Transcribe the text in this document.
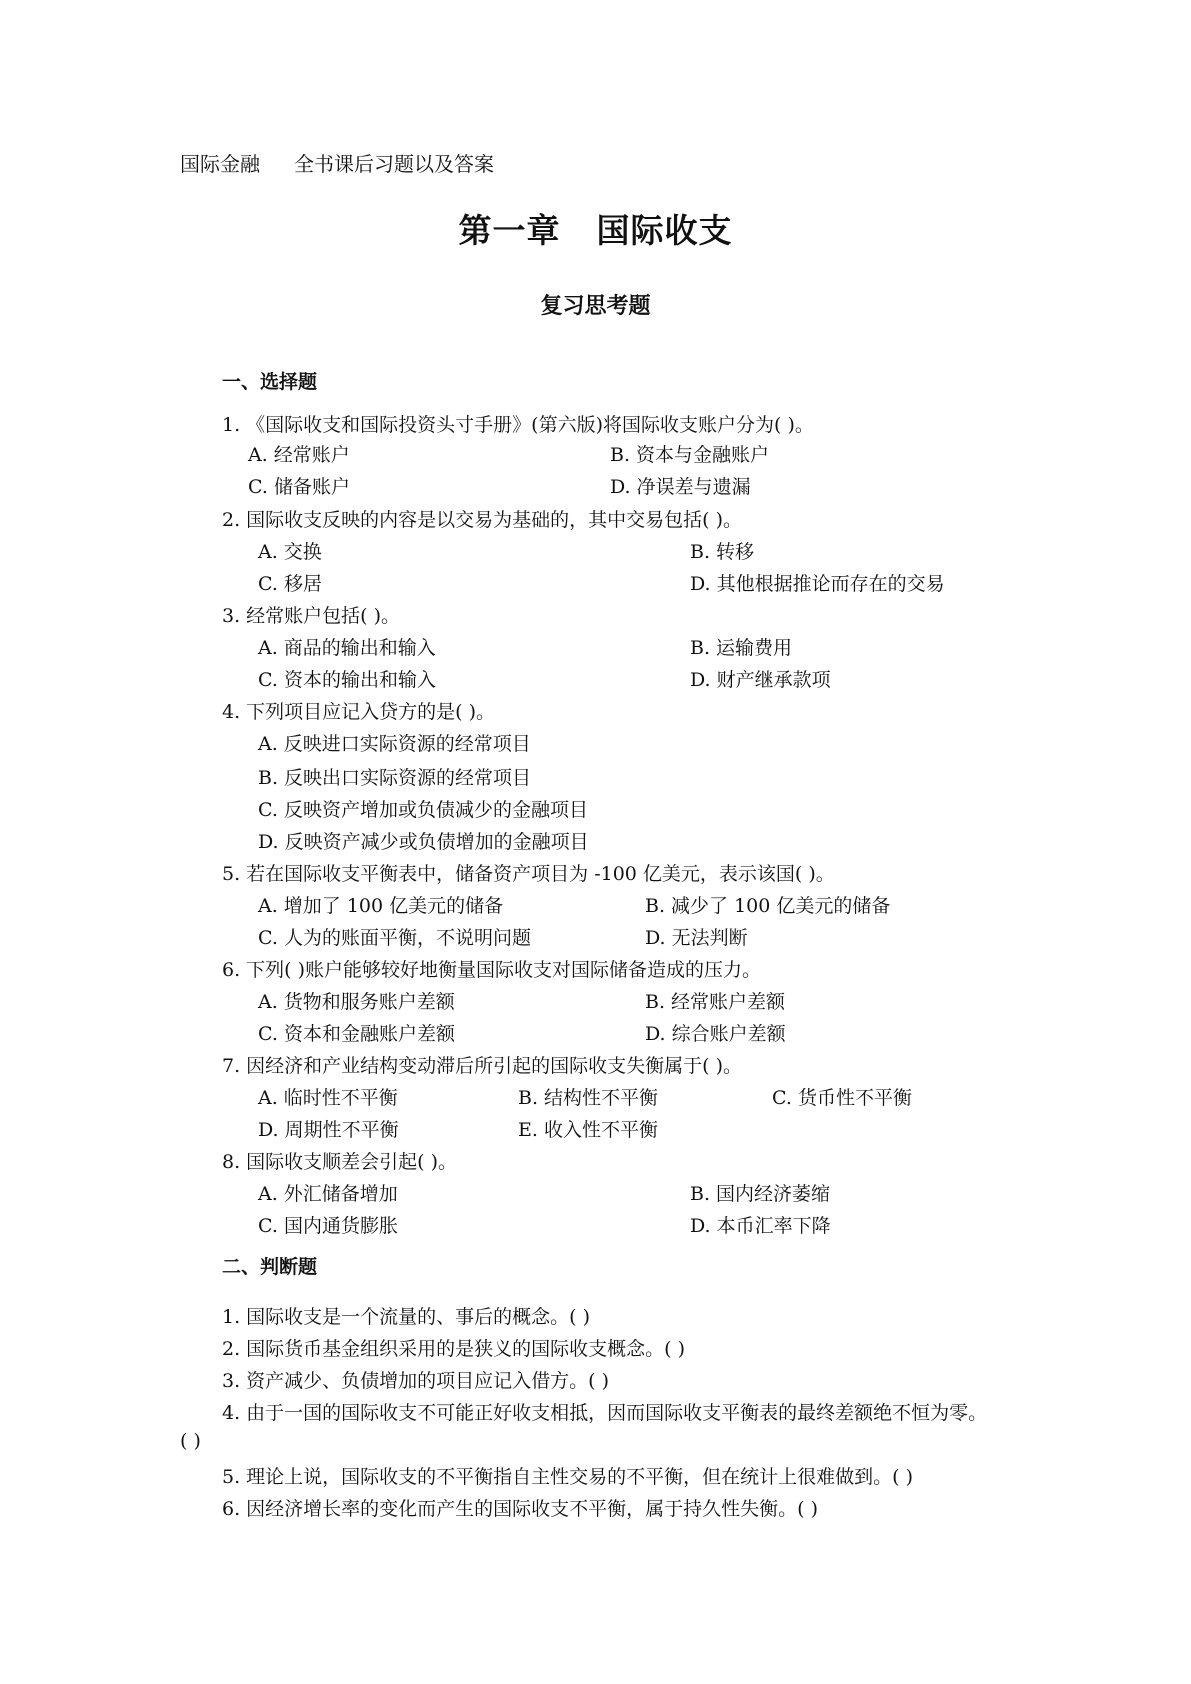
国际金融 全书课后习题以及答案
第一章 国际收支
复习思考题
一、选择题
1. 《国际收支和国际投资头寸手册》(第六版)将国际收支账户分为( )。
A. 经常账户	B. 资本与金融账户
C. 储备账户	D. 净误差与遗漏
2. 国际收支反映的内容是以交易为基础的，其中交易包括( )。
A. 交换	B. 转移
C. 移居	D. 其他根据推论而存在的交易
3. 经常账户包括( )。
A. 商品的输出和输入	B. 运输费用
C. 资本的输出和输入	D. 财产继承款项
4. 下列项目应记入贷方的是( )。
A. 反映进口实际资源的经常项目
B. 反映出口实际资源的经常项目
C. 反映资产增加或负债减少的金融项目
D. 反映资产减少或负债增加的金融项目
5. 若在国际收支平衡表中，储备资产项目为 -100 亿美元，表示该国( )。
A. 增加了 100 亿美元的储备	B. 减少了 100 亿美元的储备
C. 人为的账面平衡，不说明问题	D. 无法判断
6. 下列( )账户能够较好地衡量国际收支对国际储备造成的压力。
A. 货物和服务账户差额	B. 经常账户差额
C. 资本和金融账户差额	D. 综合账户差额
7. 因经济和产业结构变动滞后所引起的国际收支失衡属于( )。
A. 临时性不平衡	B. 结构性不平衡	C. 货币性不平衡
D. 周期性不平衡	E. 收入性不平衡
8. 国际收支顺差会引起( )。
A. 外汇储备增加	B. 国内经济萎缩
C. 国内通货膨胀	D. 本币汇率下降
二、判断题
1. 国际收支是一个流量的、事后的概念。( )
2. 国际货币基金组织采用的是狭义的国际收支概念。( )
3. 资产减少、负债增加的项目应记入借方。( )
4. 由于一国的国际收支不可能正好收支相抵，因而国际收支平衡表的最终差额绝不恒为零。
( )
5. 理论上说，国际收支的不平衡指自主性交易的不平衡，但在统计上很难做到。( )
6. 因经济增长率的变化而产生的国际收支不平衡，属于持久性失衡。( )
